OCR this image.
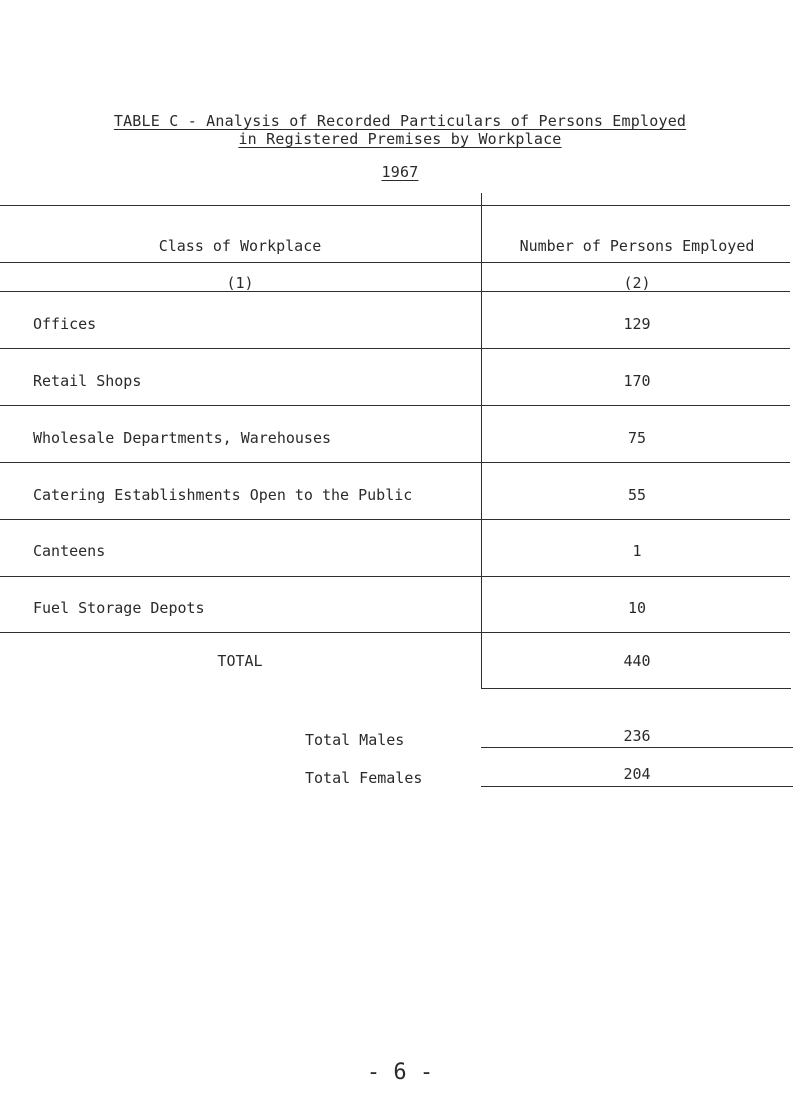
TABLE C - Analysis of Recorded Particulars of Persons Employed
in Registered Premises by Workplace
1967
Class of Workplace	Number of Persons Employed
(1)	(2)
Offices	129
Retail Shops	170
Wholesale Departments, Warehouses	75
Catering Establishments Open to the Public	55
Canteens	1
Fuel Storage Depots	10
TOTAL	440
Total Males	236
Total Females	204
- 6 -
